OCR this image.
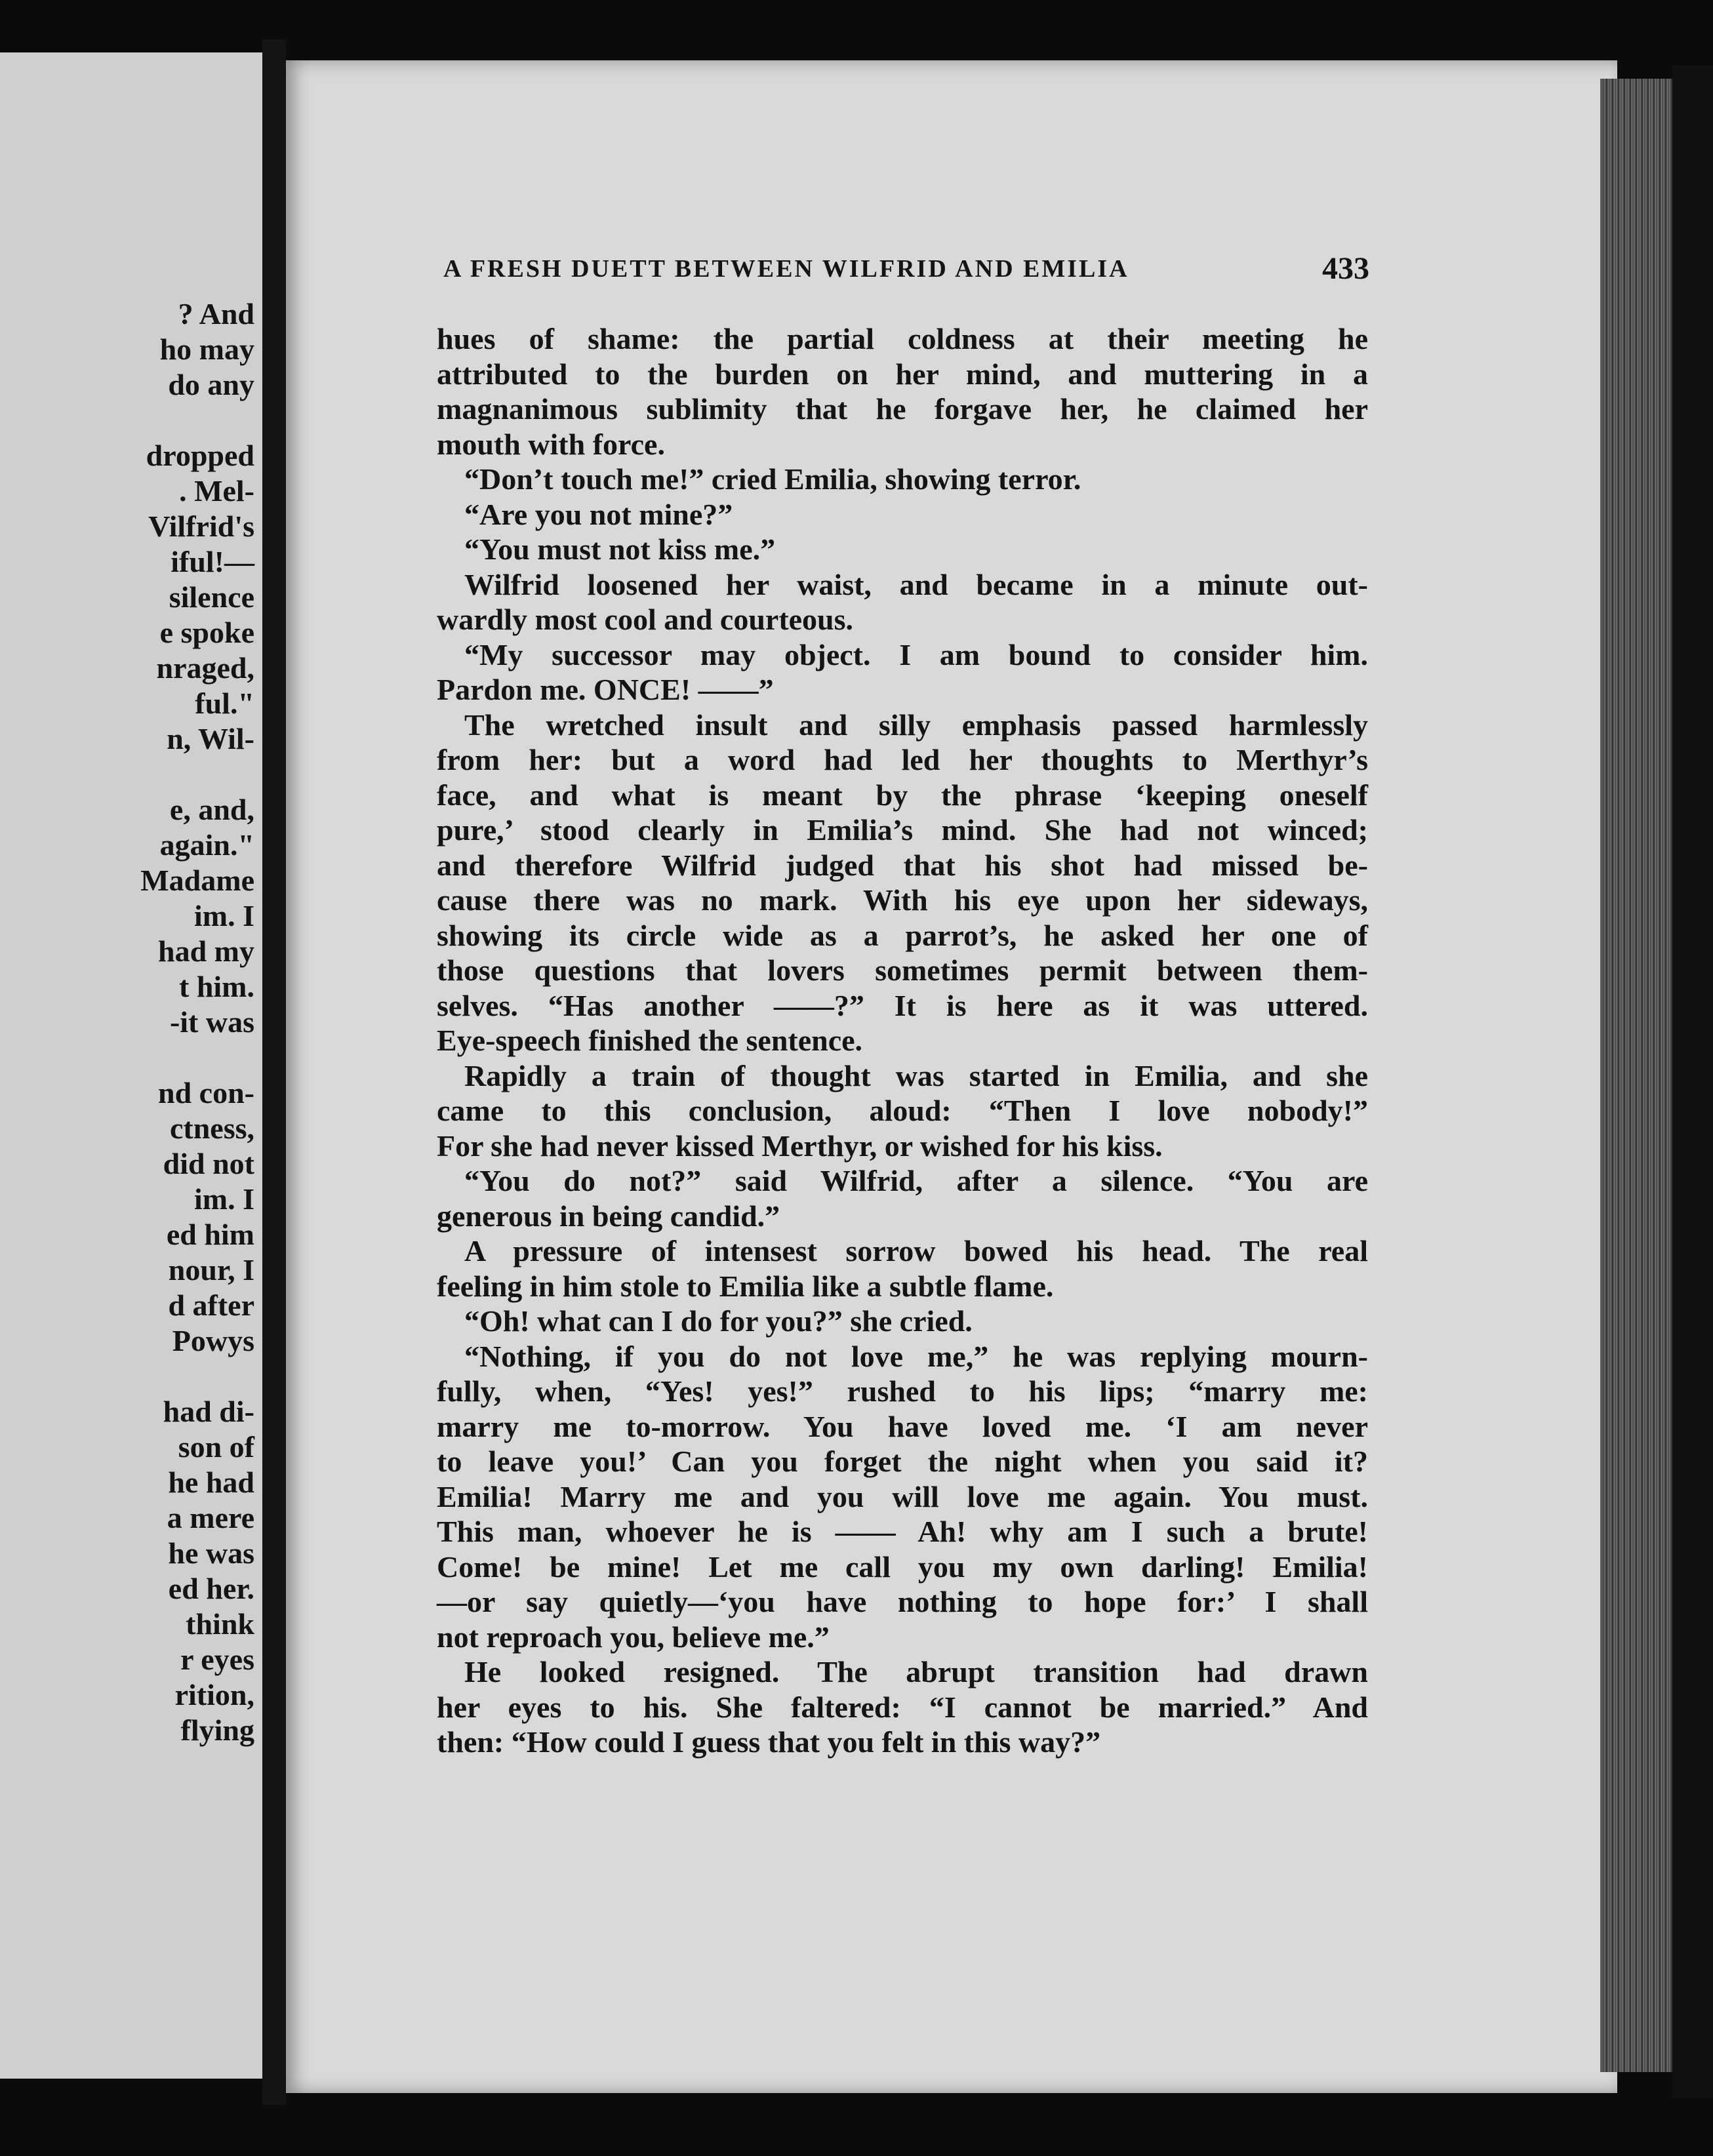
? And
ho may
do any
dropped
. Mel-
Vilfrid's
iful!—
silence
e spoke
nraged,
ful."
n, Wil-
e, and,
again."
Madame
im. I
had my
t him.
-it was
nd con-
ctness,
did not
im. I
ed him
nour, I
d after
Powys
had di-
son of
he had
a mere
he was
ed her.
think
r eyes
rition,
flying
A FRESH DUETT BETWEEN WILFRID AND EMILIA	433
hues of shame: the partial coldness at their meeting he
attributed to the burden on her mind, and muttering in a
magnanimous sublimity that he forgave her, he claimed her
mouth with force.
“Don’t touch me!” cried Emilia, showing terror.
“Are you not mine?”
“You must not kiss me.”
Wilfrid loosened her waist, and became in a minute out-
wardly most cool and courteous.
“My successor may object. I am bound to consider him.
Pardon me. ONCE! ——”
The wretched insult and silly emphasis passed harmlessly
from her: but a word had led her thoughts to Merthyr’s
face, and what is meant by the phrase ‘keeping oneself
pure,’ stood clearly in Emilia’s mind. She had not winced;
and therefore Wilfrid judged that his shot had missed be-
cause there was no mark. With his eye upon her sideways,
showing its circle wide as a parrot’s, he asked her one of
those questions that lovers sometimes permit between them-
selves. “Has another ——?” It is here as it was uttered.
Eye-speech finished the sentence.
Rapidly a train of thought was started in Emilia, and she
came to this conclusion, aloud: “Then I love nobody!”
For she had never kissed Merthyr, or wished for his kiss.
“You do not?” said Wilfrid, after a silence. “You are
generous in being candid.”
A pressure of intensest sorrow bowed his head. The real
feeling in him stole to Emilia like a subtle flame.
“Oh! what can I do for you?” she cried.
“Nothing, if you do not love me,” he was replying mourn-
fully, when, “Yes! yes!” rushed to his lips; “marry me:
marry me to-morrow. You have loved me. ‘I am never
to leave you!’ Can you forget the night when you said it?
Emilia! Marry me and you will love me again. You must.
This man, whoever he is —— Ah! why am I such a brute!
Come! be mine! Let me call you my own darling! Emilia!
—or say quietly—‘you have nothing to hope for:’ I shall
not reproach you, believe me.”
He looked resigned. The abrupt transition had drawn
her eyes to his. She faltered: “I cannot be married.” And
then: “How could I guess that you felt in this way?”
